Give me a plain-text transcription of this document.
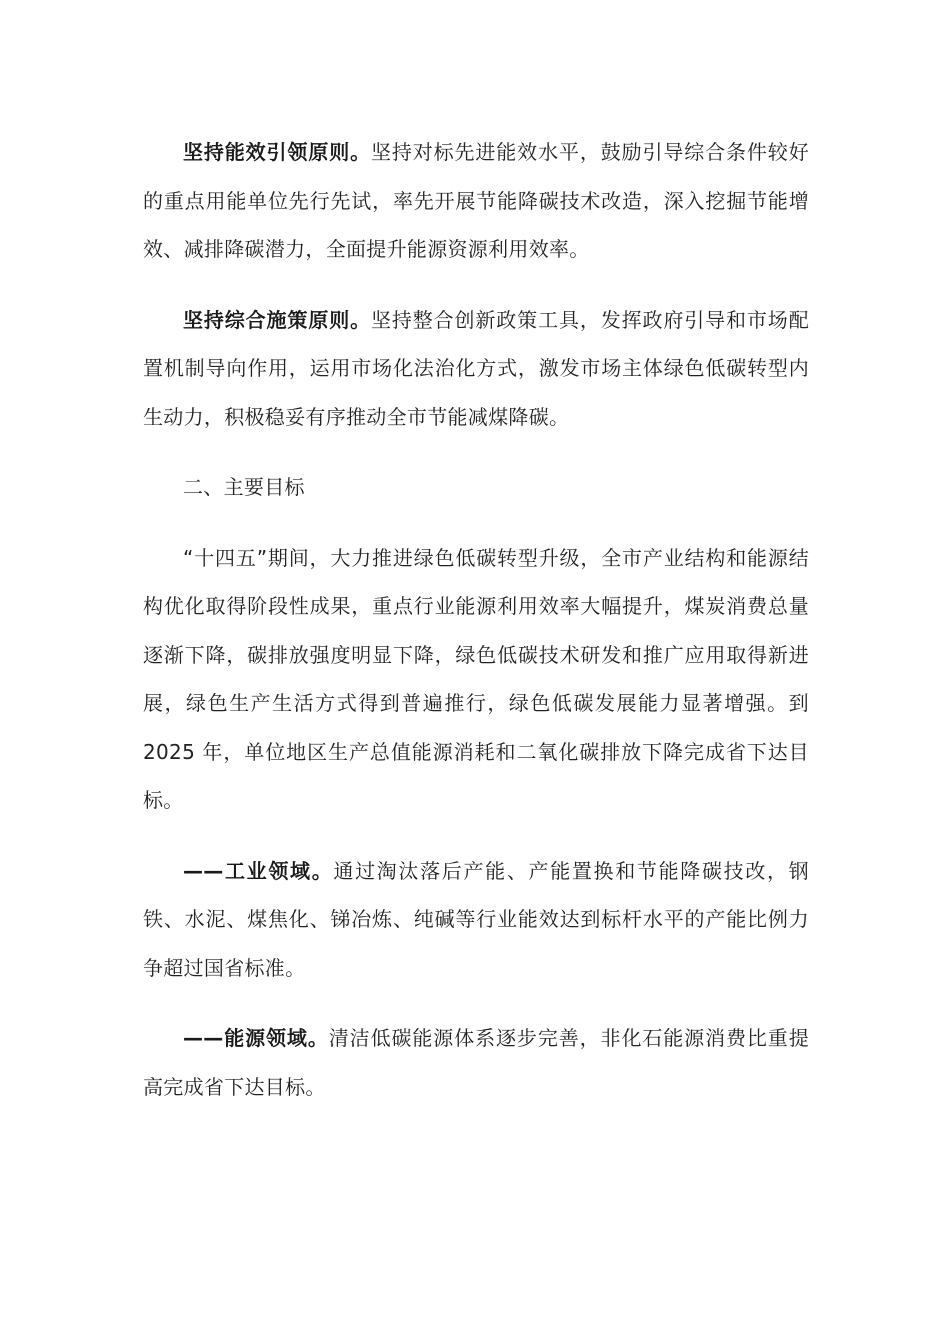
坚持能效引领原则。坚持对标先进能效水平，鼓励引导综合条件较好的重点用能单位先行先试，率先开展节能降碳技术改造，深入挖掘节能增效、减排降碳潜力，全面提升能源资源利用效率。

坚持综合施策原则。坚持整合创新政策工具，发挥政府引导和市场配置机制导向作用，运用市场化法治化方式，激发市场主体绿色低碳转型内生动力，积极稳妥有序推动全市节能减煤降碳。

二、主要目标

“十四五”期间，大力推进绿色低碳转型升级，全市产业结构和能源结构优化取得阶段性成果，重点行业能源利用效率大幅提升，煤炭消费总量逐渐下降，碳排放强度明显下降，绿色低碳技术研发和推广应用取得新进展，绿色生产生活方式得到普遍推行，绿色低碳发展能力显著增强。到 2025 年，单位地区生产总值能源消耗和二氧化碳排放下降完成省下达目标。

——工业领域。通过淘汰落后产能、产能置换和节能降碳技改，钢铁、水泥、煤焦化、锑冶炼、纯碱等行业能效达到标杆水平的产能比例力争超过国省标准。

——能源领域。清洁低碳能源体系逐步完善，非化石能源消费比重提高完成省下达目标。
